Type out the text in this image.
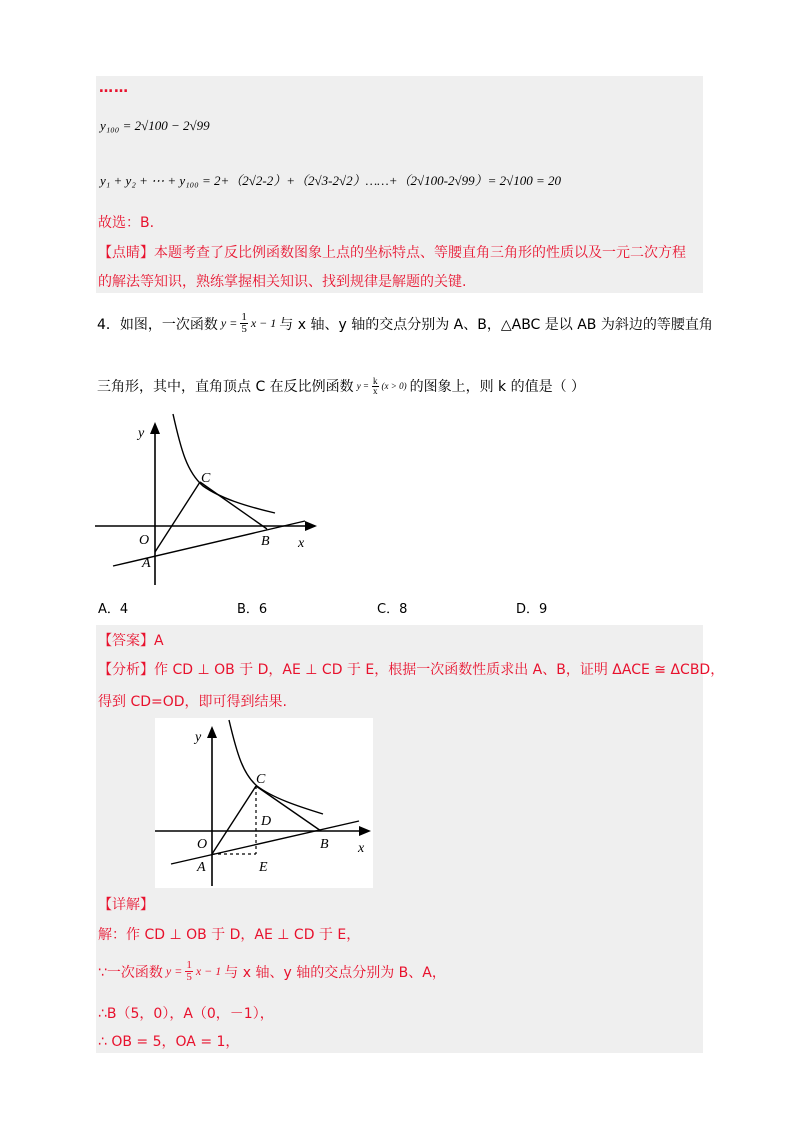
……
y₁₀₀ = 2√100 − 2√99
y₁ + y₂ + ⋯ + y₁₀₀ = 2+（2√2-2）+（2√3-2√2）……+（2√100-2√99）= 2√100 = 20
故选：B.
【点睛】本题考查了反比例函数图象上点的坐标特点、等腰直角三角形的性质以及一元二次方程
的解法等知识，熟练掌握相关知识、找到规律是解题的关键.
4．如图，一次函数 $y = \frac{1}{5}$ x − 1 与 x 轴、y 轴的交点分别为 A、B，△ABC 是以 AB 为斜边的等腰直角
三角形，其中，直角顶点 C 在反比例函数 $y = \frac{k}{x} (x > 0)$ 的图象上，则 k 的值是（ ）
y
x
O
A
B
C
A．4	B．6	C．8	D．9
【答案】A
【分析】作 CD ⊥ OB 于 D，AE ⊥ CD 于 E，根据一次函数性质求出 A、B，证明 ΔACE ≅ ΔCBD，
得到 CD=OD，即可得到结果.
y
x
O
A
B
C
D
E
【详解】
解：作 CD ⊥ OB 于 D，AE ⊥ CD 于 E，
∵一次函数 $y = \frac{1}{5}$ x − 1 与 x 轴、y 轴的交点分别为 B、A，
∴B（5，0），A（0，－1），
∴ OB = 5，OA = 1，
